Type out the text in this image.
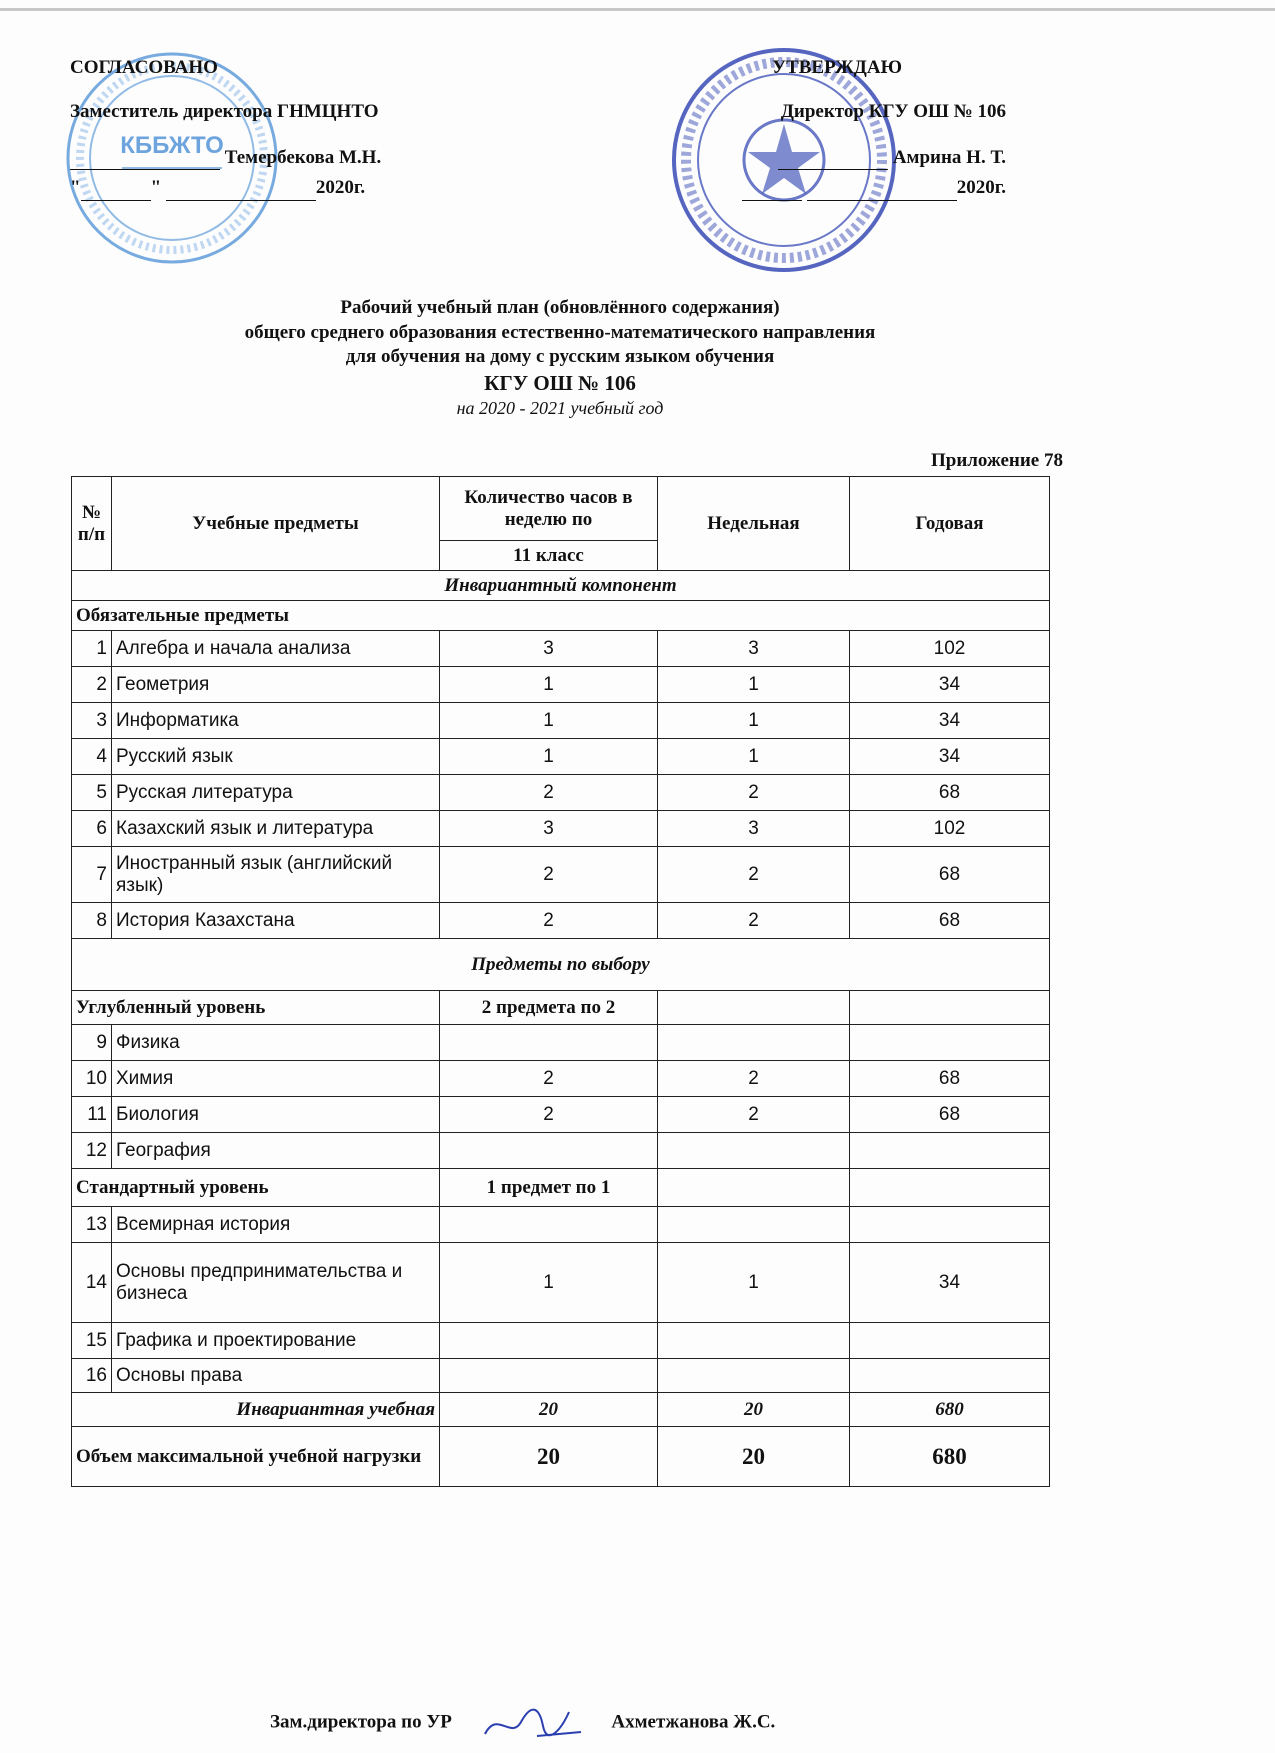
КББЖТО
СОГЛАСОВАНО
Заместитель директора ГНМЦНТО
Темербекова М.Н.
"	"	2020г.
УТВЕРЖДАЮ
Директор КГУ ОШ № 106
Амрина Н. Т.
2020г.
Рабочий учебный план (обновлённого содержания)
общего среднего образования естественно-математического направления
для обучения на дому с русским языком обучения
КГУ ОШ № 106
на 2020 - 2021 учебный год
Приложение 78
№ п/п	Учебные предметы	Количество часов в неделю по	Недельная	Годовая
		11 класс		
Инвариантный компонент				
Обязательные предметы				
1	Алгебра и начала анализа	3	3	102
2	Геометрия	1	1	34
3	Информатика	1	1	34
4	Русский язык	1	1	34
5	Русская литература	2	2	68
6	Казахский язык и литература	3	3	102
7	Иностранный язык (английский язык)	2	2	68
8	История Казахстана	2	2	68
Предметы по выбору				
Углубленный уровень		2 предмета по 2		
9	Физика			
10	Химия	2	2	68
11	Биология	2	2	68
12	География			
Стандартный уровень		1 предмет по 1		
13	Всемирная история			
14	Основы предпринимательства и бизнеса	1	1	34
15	Графика и проектирование			
16	Основы права			
Инвариантная учебная		20	20	680
Объем максимальной учебной нагрузки		20	20	680
Зам.директора по УР	Ахметжанова Ж.С.
